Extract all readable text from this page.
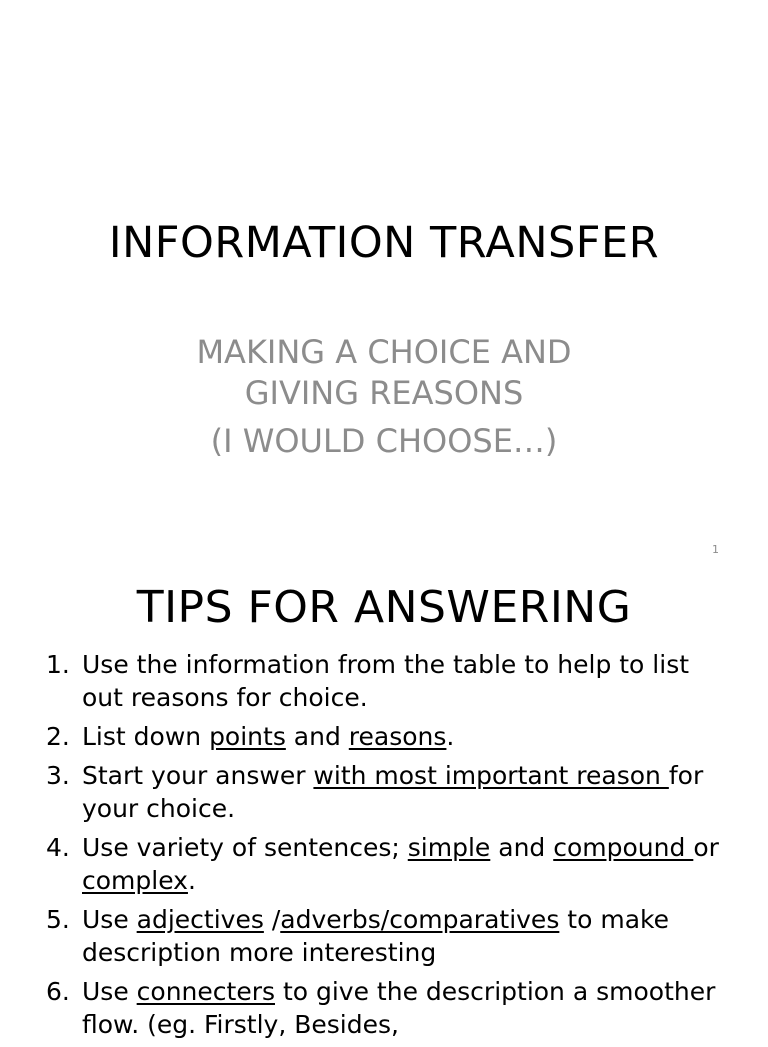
INFORMATION TRANSFER
MAKING A CHOICE AND
GIVING REASONS
(I WOULD CHOOSE…)
1
TIPS FOR ANSWERING
1. Use the information from the table to help to list out reasons for choice.
2. List down points and reasons.
3. Start your answer with most important reason for your choice.
4. Use variety of sentences; simple and compound or complex.
5. Use adjectives /adverbs/comparatives to make description more interesting
6. Use connecters to give the description a smoother flow. (eg. Firstly, Besides,
